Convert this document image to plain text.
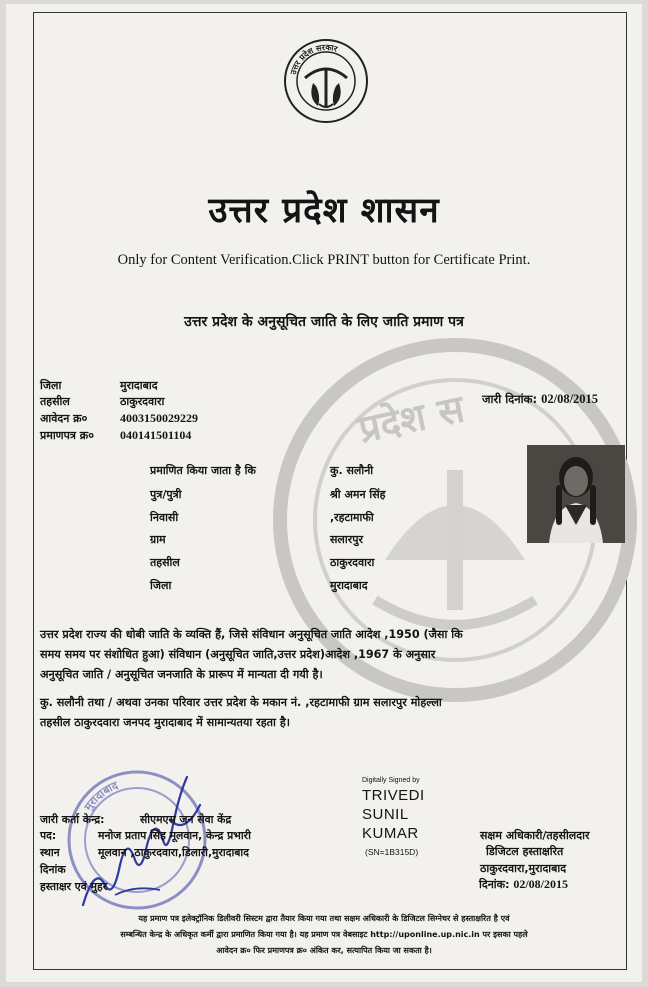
प्रदेश स
उत्तर प्रदेश सरकार
उत्तर प्रदेश शासन
Only for Content Verification.Click PRINT button for Certificate Print.
उत्तर प्रदेश के अनुसूचित जाति के लिए जाति प्रमाण पत्र
जिला	मुरादाबाद
तहसील	ठाकुरदवारा
आवेदन क्र०	4003150029229
प्रमाणपत्र क्र० 040141501104
जारी दिनांक: 02/08/2015
प्रमाणित किया जाता है कि	कु. सलौनी
पुत्र/पुत्री	श्री अमन सिंह
निवासी	,रहटामाफी
ग्राम	सलारपुर
तहसील	ठाकुरदवारा
जिला	मुरादाबाद
उत्तर प्रदेश राज्य की धोबी जाति के व्यक्ति हैं, जिसे संविधान अनुसूचित जाति आदेश ,1950 (जैसा कि
समय समय पर संशोधित हुआ) संविधान (अनुसूचित जाति,उत्तर प्रदेश)आदेश ,1967 के अनुसार
अनुसूचित जाति / अनुसूचित जनजाति के प्रारूप में मान्यता दी गयी है।
कु. सलौनी तथा / अथवा उनका परिवार उत्तर प्रदेश के मकान नं. ,रहटामाफी ग्राम सलारपुर मोहल्ला
तहसील ठाकुरदवारा जनपद मुरादाबाद में सामान्यतया रहता है।
मुरादाबाद
जारी कर्ता केन्द्र:	सीएमएस जन सेवा केंद्र
पद:	मनोज प्रताप सिंह मूलवान, केन्द्र प्रभारी
स्थान	मूलवान ,ठाकुरदवारा,डिलारी,मुरादाबाद
दिनांक
हस्ताक्षर एवं मुहर
Digitally Signed by
TRIVEDI
SUNIL
KUMAR
(SN=1B315D)
सक्षम अधिकारी/तहसीलदार
डिजिटल हस्ताक्षरित
ठाकुरदवारा,मुरादाबाद
दिनांक: 02/08/2015
यह प्रमाण पत्र इलेक्ट्रॉनिक डिलीवरी सिस्टम द्वारा तैयार किया गया तथा सक्षम अधिकारी के डिजिटल सिग्नेचर से हस्ताक्षरित है एवं
सम्बन्धित केन्द्र के अधिकृत कर्मी द्वारा प्रमाणित किया गया है। यह प्रमाण पत्र वेबसाइट http://uponline.up.nic.in पर इसका पहले
आवेदन क्र० फिर प्रमाणपत्र क्र० अंकित कर, सत्यापित किया जा सकता है।
